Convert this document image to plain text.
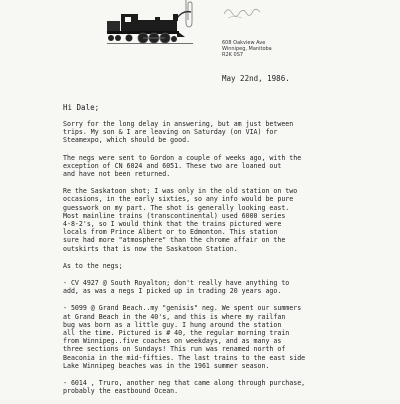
608 Oakview Ave
Winnipeg, Manitoba
R2K 0S7
May 22nd, 1986.
Hi Dale;
Sorry for the long delay in answering, but am just between
trips. My son & I are leaving on Saturday (on VIA) for
Steamexpo, which should be good.
The negs were sent to Gordon a couple of weeks ago, with the
exception of CN 6024 and 6051. These two are loaned out
and have not been returned.
Re the Saskatoon shot; I was only in the old station on two
occasions, in the early sixties, so any info would be pure
guesswork on my part. The shot is generally looking east.
Most mainline trains (transcontinental) used 6000 series
4-8-2's, so I would think that the trains pictured were
locals from Prince Albert or to Edmonton. This station
sure had more "atmosphere" than the chrome affair on the
outskirts that is now the Saskatoon Station.
As to the negs;
- CV 4927 @ South Royalton; don't really have anything to
add, as was a negs I picked up in trading 20 years ago.
- 5099 @ Grand Beach..my "genisis" neg. We spent our summers
at Grand Beach in the 40's, and this is where my railfan
bug was born as a little guy. I hung around the station
all the time. Pictured is # 40, the regular morning train
from Winnipeg..five coaches on weekdays, and as many as
three sections on Sundays! This run was renamed north of
Beaconia in the mid-fifties. The last trains to the east side
Lake Winnipeg beaches was in the 1961 summer season.
- 6014 , Truro, another neg that came along through purchase,
probably the eastbound Ocean.
